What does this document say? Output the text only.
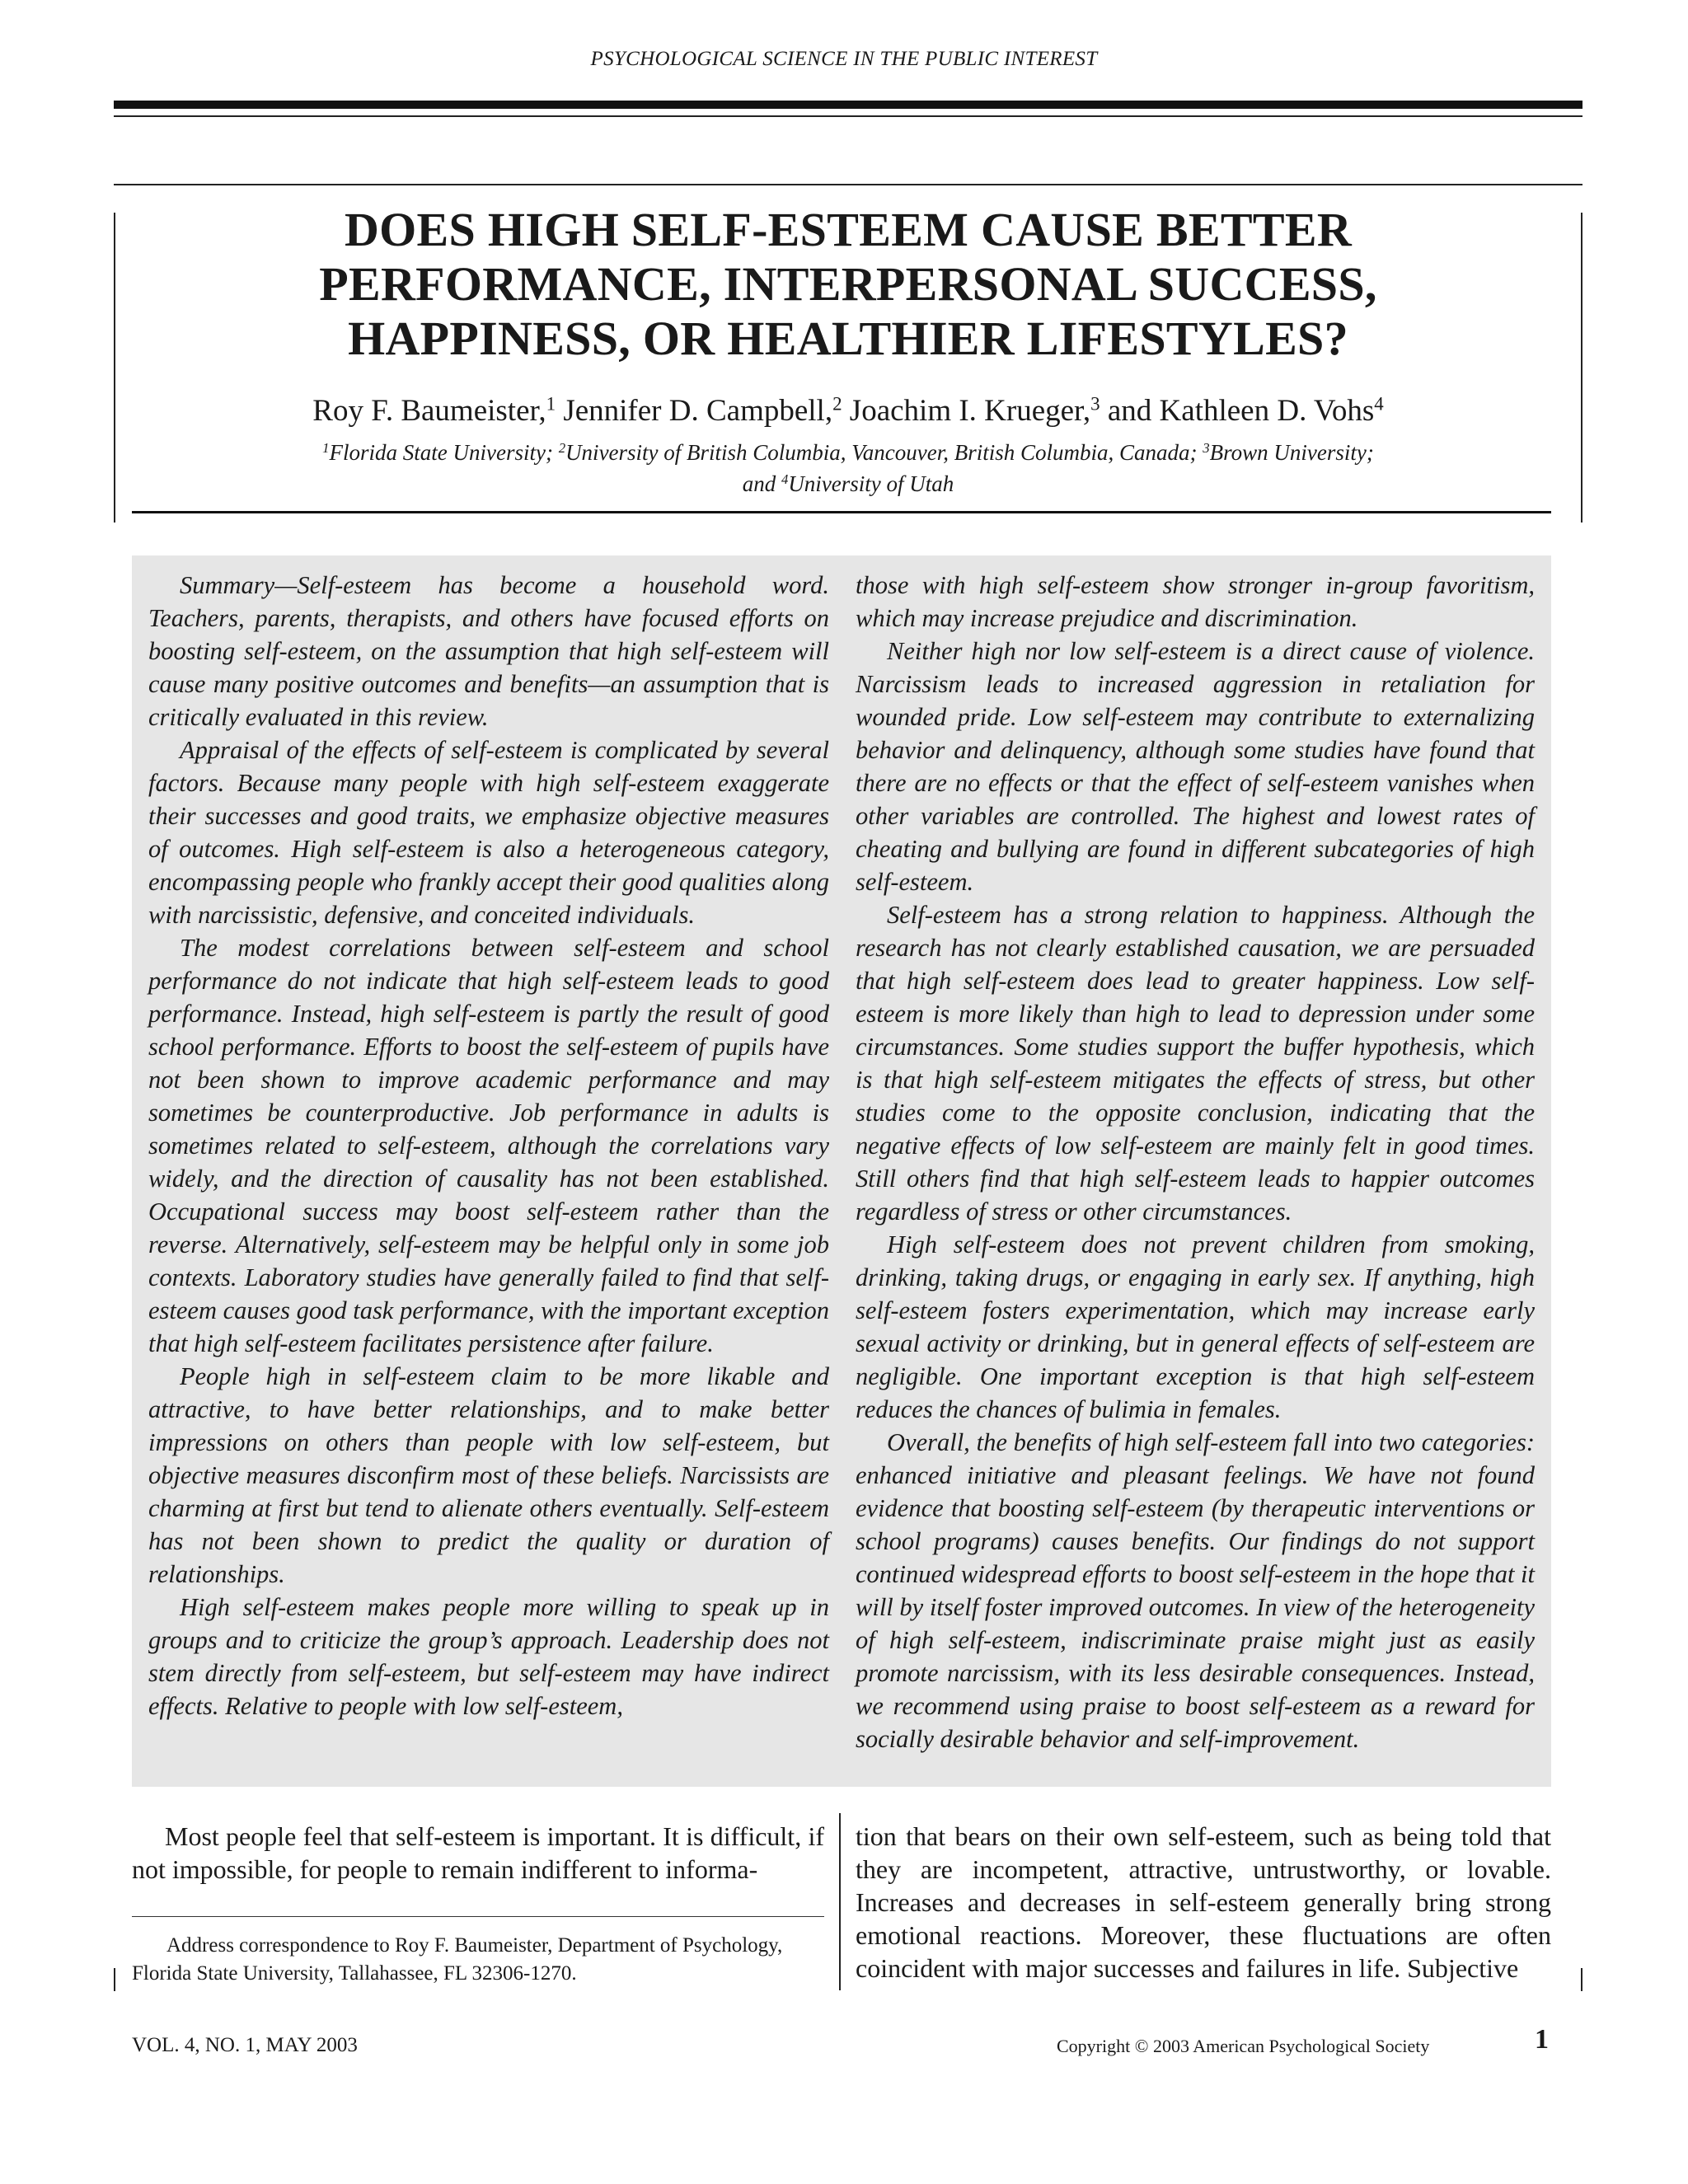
PSYCHOLOGICAL SCIENCE IN THE PUBLIC INTEREST
DOES HIGH SELF-ESTEEM CAUSE BETTER
PERFORMANCE, INTERPERSONAL SUCCESS,
HAPPINESS, OR HEALTHIER LIFESTYLES?
Roy F. Baumeister,$^1$ Jennifer D. Campbell,$^2$ Joachim I. Krueger,$^3$ and Kathleen D. Vohs$^4$
$^1$Florida State University; $^2$University of British Columbia, Vancouver, British Columbia, Canada; $^3$Brown University;
and $^4$University of Utah

Summary—Self-esteem has become a household word. Teachers, parents, therapists, and others have focused efforts on boosting self-esteem, on the assumption that high self-esteem will cause many positive outcomes and benefits—an assumption that is critically evaluated in this review.

Appraisal of the effects of self-esteem is complicated by several factors. Because many people with high self-esteem exaggerate their successes and good traits, we emphasize objective measures of outcomes. High self-esteem is also a heterogeneous category, encompassing people who frankly accept their good qualities along with narcissistic, defensive, and conceited individuals.

The modest correlations between self-esteem and school performance do not indicate that high self-esteem leads to good performance. Instead, high self-esteem is partly the result of good school performance. Efforts to boost the self-esteem of pupils have not been shown to improve academic performance and may sometimes be counterproductive. Job performance in adults is sometimes related to self-esteem, although the correlations vary widely, and the direction of causality has not been established. Occupational success may boost self-esteem rather than the reverse. Alternatively, self-esteem may be helpful only in some job contexts. Laboratory studies have generally failed to find that self-esteem causes good task performance, with the important exception that high self-esteem facilitates persistence after failure.

People high in self-esteem claim to be more likable and attractive, to have better relationships, and to make better impressions on others than people with low self-esteem, but objective measures disconfirm most of these beliefs. Narcissists are charming at first but tend to alienate others eventually. Self-esteem has not been shown to predict the quality or duration of relationships.

High self-esteem makes people more willing to speak up in groups and to criticize the group’s approach. Leadership does not stem directly from self-esteem, but self-esteem may have indirect effects. Relative to people with low self-esteem,

those with high self-esteem show stronger in-group favoritism, which may increase prejudice and discrimination.

Neither high nor low self-esteem is a direct cause of violence. Narcissism leads to increased aggression in retaliation for wounded pride. Low self-esteem may contribute to externalizing behavior and delinquency, although some studies have found that there are no effects or that the effect of self-esteem vanishes when other variables are controlled. The highest and lowest rates of cheating and bullying are found in different subcategories of high self-esteem.

Self-esteem has a strong relation to happiness. Although the research has not clearly established causation, we are persuaded that high self-esteem does lead to greater happiness. Low self-esteem is more likely than high to lead to depression under some circumstances. Some studies support the buffer hypothesis, which is that high self-esteem mitigates the effects of stress, but other studies come to the opposite conclusion, indicating that the negative effects of low self-esteem are mainly felt in good times. Still others find that high self-esteem leads to happier outcomes regardless of stress or other circumstances.

High self-esteem does not prevent children from smoking, drinking, taking drugs, or engaging in early sex. If anything, high self-esteem fosters experimentation, which may increase early sexual activity or drinking, but in general effects of self-esteem are negligible. One important exception is that high self-esteem reduces the chances of bulimia in females.

Overall, the benefits of high self-esteem fall into two categories: enhanced initiative and pleasant feelings. We have not found evidence that boosting self-esteem (by therapeutic interventions or school programs) causes benefits. Our findings do not support continued widespread efforts to boost self-esteem in the hope that it will by itself foster improved outcomes. In view of the heterogeneity of high self-esteem, indiscriminate praise might just as easily promote narcissism, with its less desirable consequences. Instead, we recommend using praise to boost self-esteem as a reward for socially desirable behavior and self-improvement.

Most people feel that self-esteem is important. It is difficult, if not impossible, for people to remain indifferent to informa-

tion that bears on their own self-esteem, such as being told that they are incompetent, attractive, untrustworthy, or lovable. Increases and decreases in self-esteem generally bring strong emotional reactions. Moreover, these fluctuations are often coincident with major successes and failures in life. Subjective

Address correspondence to Roy F. Baumeister, Department of Psychology, Florida State University, Tallahassee, FL 32306-1270.

VOL. 4, NO. 1, MAY 2003	Copyright © 2003 American Psychological Society	1
